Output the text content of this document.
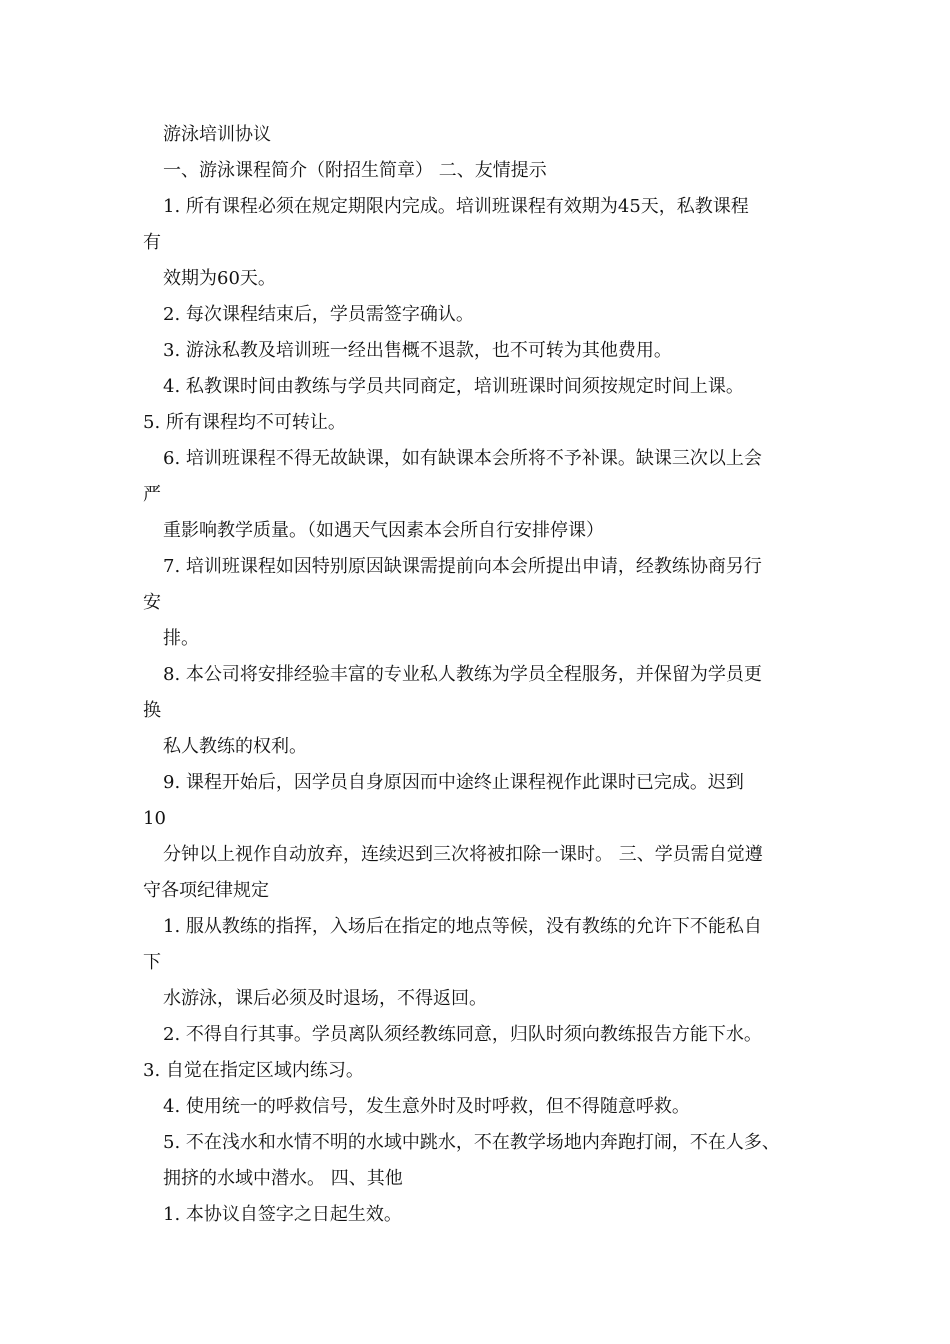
游泳培训协议

一、游泳课程简介（附招生简章） 二、友情提示

1. 所有课程必须在规定期限内完成。培训班课程有效期为45天，私教课程

有

效期为60天。

2. 每次课程结束后，学员需签字确认。

3. 游泳私教及培训班一经出售概不退款，也不可转为其他费用。

4. 私教课时间由教练与学员共同商定，培训班课时间须按规定时间上课。

5. 所有课程均不可转让。

6. 培训班课程不得无故缺课，如有缺课本会所将不予补课。缺课三次以上会

严

重影响教学质量。（如遇天气因素本会所自行安排停课）

7. 培训班课程如因特别原因缺课需提前向本会所提出申请，经教练协商另行

安

排。

8. 本公司将安排经验丰富的专业私人教练为学员全程服务，并保留为学员更

换

私人教练的权利。

9. 课程开始后，因学员自身原因而中途终止课程视作此课时已完成。迟到

10

分钟以上视作自动放弃，连续迟到三次将被扣除一课时。 三、学员需自觉遵

守各项纪律规定

1. 服从教练的指挥，入场后在指定的地点等候，没有教练的允许下不能私自

下

水游泳，课后必须及时退场，不得返回。

2. 不得自行其事。学员离队须经教练同意，归队时须向教练报告方能下水。

3. 自觉在指定区域内练习。

4. 使用统一的呼救信号，发生意外时及时呼救，但不得随意呼救。

5. 不在浅水和水情不明的水域中跳水，不在教学场地内奔跑打闹，不在人多、

拥挤的水域中潜水。 四、其他

1. 本协议自签字之日起生效。
